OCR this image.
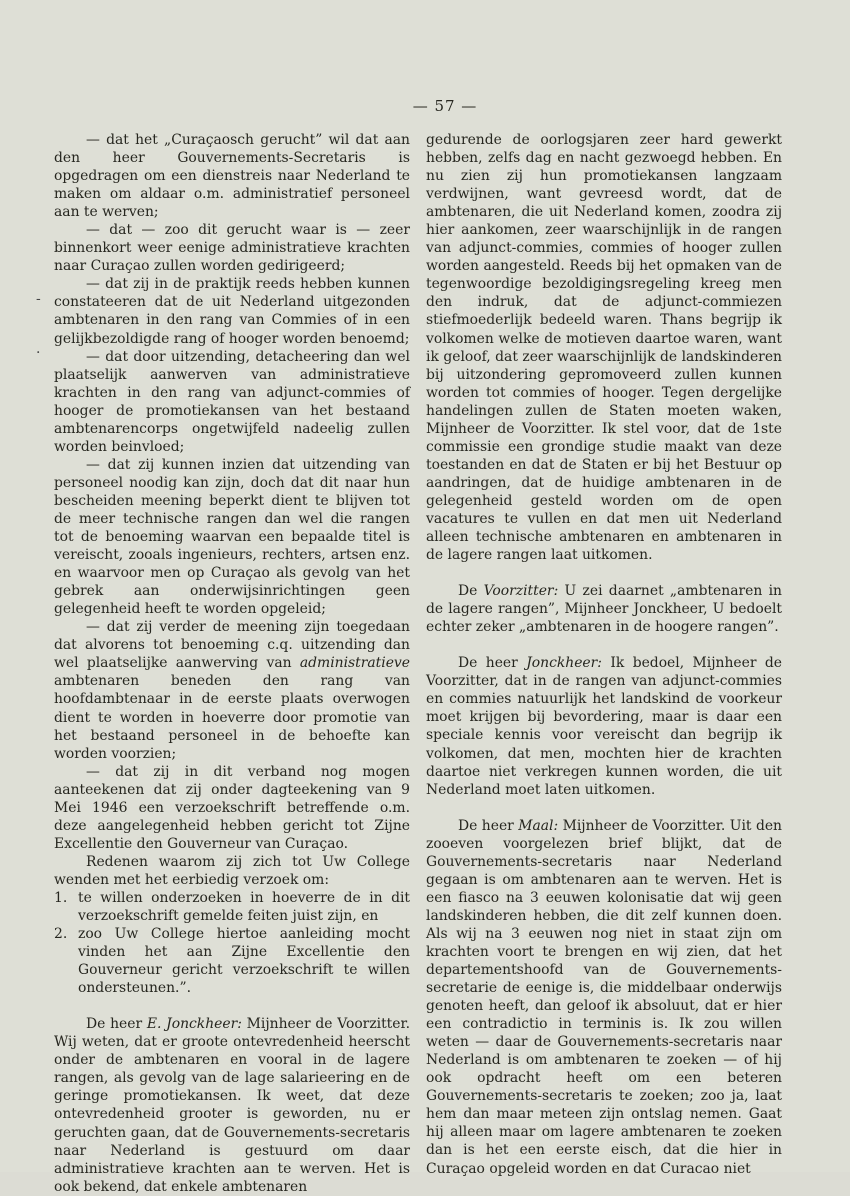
— 57 —
-
·

— dat het „Curaçaosch gerucht” wil dat aan den heer Gouvernements-Secretaris is opgedragen om een dienstreis naar Nederland te maken om aldaar o.m. administratief personeel aan te werven;

— dat — zoo dit gerucht waar is — zeer binnenkort weer eenige administratieve krachten naar Curaçao zullen worden gedirigeerd;

— dat zij in de praktijk reeds hebben kunnen constateeren dat de uit Nederland uitgezonden ambtenaren in den rang van Commies of in een gelijkbezoldigde rang of hooger worden benoemd;

— dat door uitzending, detacheering dan wel plaatselijk aanwerven van administratieve krachten in den rang van adjunct-commies of hooger de promotiekansen van het bestaand ambtenarencorps ongetwijfeld nadeelig zullen worden beinvloed;

— dat zij kunnen inzien dat uitzending van personeel noodig kan zijn, doch dat dit naar hun bescheiden meening beperkt dient te blijven tot de meer technische rangen dan wel die rangen tot de benoeming waarvan een bepaalde titel is vereischt, zooals ingenieurs, rechters, artsen enz. en waarvoor men op Curaçao als gevolg van het gebrek aan onderwijsinrichtingen geen gelegenheid heeft te worden opgeleid;

— dat zij verder de meening zijn toegedaan dat alvorens tot benoeming c.q. uitzending dan wel plaatselijke aanwerving van administratieve ambtenaren beneden den rang van hoofdambtenaar in de eerste plaats overwogen dient te worden in hoeverre door promotie van het bestaand personeel in de behoefte kan worden voorzien;

— dat zij in dit verband nog mogen aanteekenen dat zij onder dagteekening van 9 Mei 1946 een verzoekschrift betreffende o.m. deze aangelegenheid hebben gericht tot Zijne Excellentie den Gouverneur van Curaçao.

Redenen waarom zij zich tot Uw College wenden met het eerbiedig verzoek om:

1. te willen onderzoeken in hoeverre de in dit verzoekschrift gemelde feiten juist zijn, en
2. zoo Uw College hiertoe aanleiding mocht vinden het aan Zijne Excellentie den Gouverneur gericht verzoekschrift te willen ondersteunen.”.

De heer E. Jonckheer: Mijnheer de Voorzitter. Wij weten, dat er groote ontevredenheid heerscht onder de ambtenaren en vooral in de lagere rangen, als gevolg van de lage salarieering en de geringe promotiekansen. Ik weet, dat deze ontevredenheid grooter is geworden, nu er geruchten gaan, dat de Gouvernements-secretaris naar Nederland is gestuurd om daar administratieve krachten aan te werven. Het is ook bekend, dat enkele ambtenaren

gedurende de oorlogsjaren zeer hard gewerkt hebben, zelfs dag en nacht gezwoegd hebben. En nu zien zij hun promotiekansen langzaam verdwijnen, want gevreesd wordt, dat de ambtenaren, die uit Nederland komen, zoodra zij hier aankomen, zeer waarschijnlijk in de rangen van adjunct-commies, commies of hooger zullen worden aangesteld. Reeds bij het opmaken van de tegenwoordige bezoldigingsregeling kreeg men den indruk, dat de adjunct-commiezen stiefmoederlijk bedeeld waren. Thans begrijp ik volkomen welke de motieven daartoe waren, want ik geloof, dat zeer waarschijnlijk de landskinderen bij uitzondering gepromoveerd zullen kunnen worden tot commies of hooger. Tegen dergelijke handelingen zullen de Staten moeten waken, Mijnheer de Voorzitter. Ik stel voor, dat de 1ste commissie een grondige studie maakt van deze toestanden en dat de Staten er bij het Bestuur op aandringen, dat de huidige ambtenaren in de gelegenheid gesteld worden om de open vacatures te vullen en dat men uit Nederland alleen technische ambtenaren en ambtenaren in de lagere rangen laat uitkomen.

De Voorzitter: U zei daarnet „ambtenaren in de lagere rangen”, Mijnheer Jonckheer, U bedoelt echter zeker „ambtenaren in de hoogere rangen”.

De heer Jonckheer: Ik bedoel, Mijnheer de Voorzitter, dat in de rangen van adjunct-commies en commies natuurlijk het landskind de voorkeur moet krijgen bij bevordering, maar is daar een speciale kennis voor vereischt dan begrijp ik volkomen, dat men, mochten hier de krachten daartoe niet verkregen kunnen worden, die uit Nederland moet laten uitkomen.

De heer Maal: Mijnheer de Voorzitter. Uit den zooeven voorgelezen brief blijkt, dat de Gouvernements-secretaris naar Nederland gegaan is om ambtenaren aan te werven. Het is een fiasco na 3 eeuwen kolonisatie dat wij geen landskinderen hebben, die dit zelf kunnen doen. Als wij na 3 eeuwen nog niet in staat zijn om krachten voort te brengen en wij zien, dat het departementshoofd van de Gouvernements-secretarie de eenige is, die middelbaar onderwijs genoten heeft, dan geloof ik absoluut, dat er hier een contradictio in terminis is. Ik zou willen weten — daar de Gouvernements-secretaris naar Nederland is om ambtenaren te zoeken — of hij ook opdracht heeft om een beteren Gouvernements-secretaris te zoeken; zoo ja, laat hem dan maar meteen zijn ontslag nemen. Gaat hij alleen maar om lagere ambtenaren te zoeken dan is het een eerste eisch, dat die hier in Curaçao opgeleid worden en dat Curacao niet
